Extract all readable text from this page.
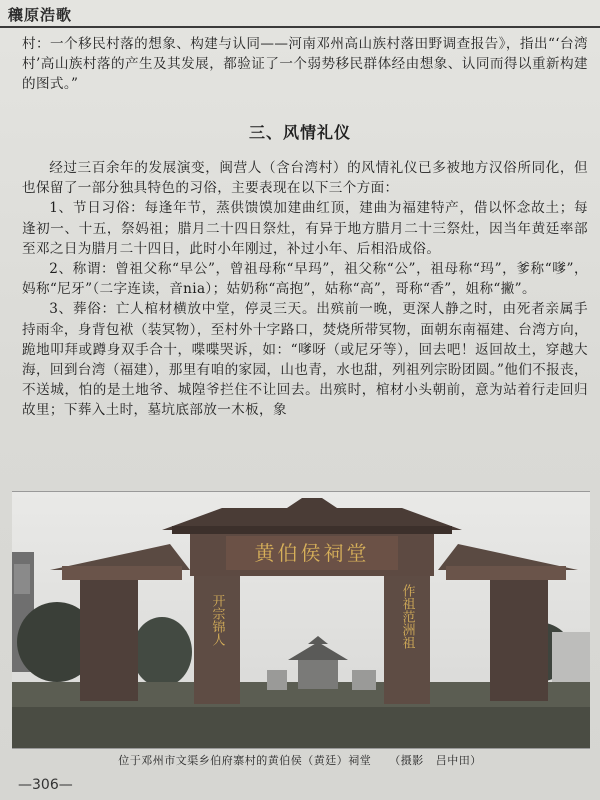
穰原浩歌

村：一个移民村落的想象、构建与认同——河南邓州高山族村落田野调查报告》，指出“‘台湾村’高山族村落的产生及其发展，都验证了一个弱势移民群体经由想象、认同而得以重新构建的图式。”

三、风情礼仪

经过三百余年的发展演变，闽营人（含台湾村）的风情礼仪已多被地方汉俗所同化，但也保留了一部分独具特色的习俗，主要表现在以下三个方面：

1、节日习俗：每逢年节，蒸供馈馍加建曲红顶，建曲为福建特产，借以怀念故土；每逢初一、十五，祭妈祖；腊月二十四日祭灶，有异于地方腊月二十三祭灶，因当年黄廷率部至邓之日为腊月二十四日，此时小年刚过，补过小年、后相沿成俗。

2、称谓：曾祖父称“早公”，曾祖母称“早玛”，祖父称“公”，祖母称“玛”，爹称“嗲”，妈称“尼牙”（二字连读，音nia）；姑奶称“高抱”，姑称“高”，哥称“香”，姐称“撇”。

3、葬俗：亡人棺材横放中堂，停灵三天。出殡前一晚，更深人静之时，由死者亲属手持雨伞，身背包袱（装冥物），至村外十字路口，焚烧所带冥物，面朝东南福建、台湾方向，跪地叩拜或蹲身双手合十，喋喋哭诉，如：“嗲呀（或尼牙等），回去吧！返回故土，穿越大海，回到台湾（福建），那里有咱的家园，山也青，水也甜，列祖列宗盼团圆。”他们不报丧，不送城，怕的是土地爷、城隍爷拦住不让回去。出殡时，棺材小头朝前，意为站着行走回归故里；下葬入土时，墓坑底部放一木板，象

黄伯侯祠堂
开宗锦人	作祖范洲祖
位于邓州市文渠乡伯府寨村的黄伯侯（黄廷）祠堂 （摄影 吕中田）
—306—
